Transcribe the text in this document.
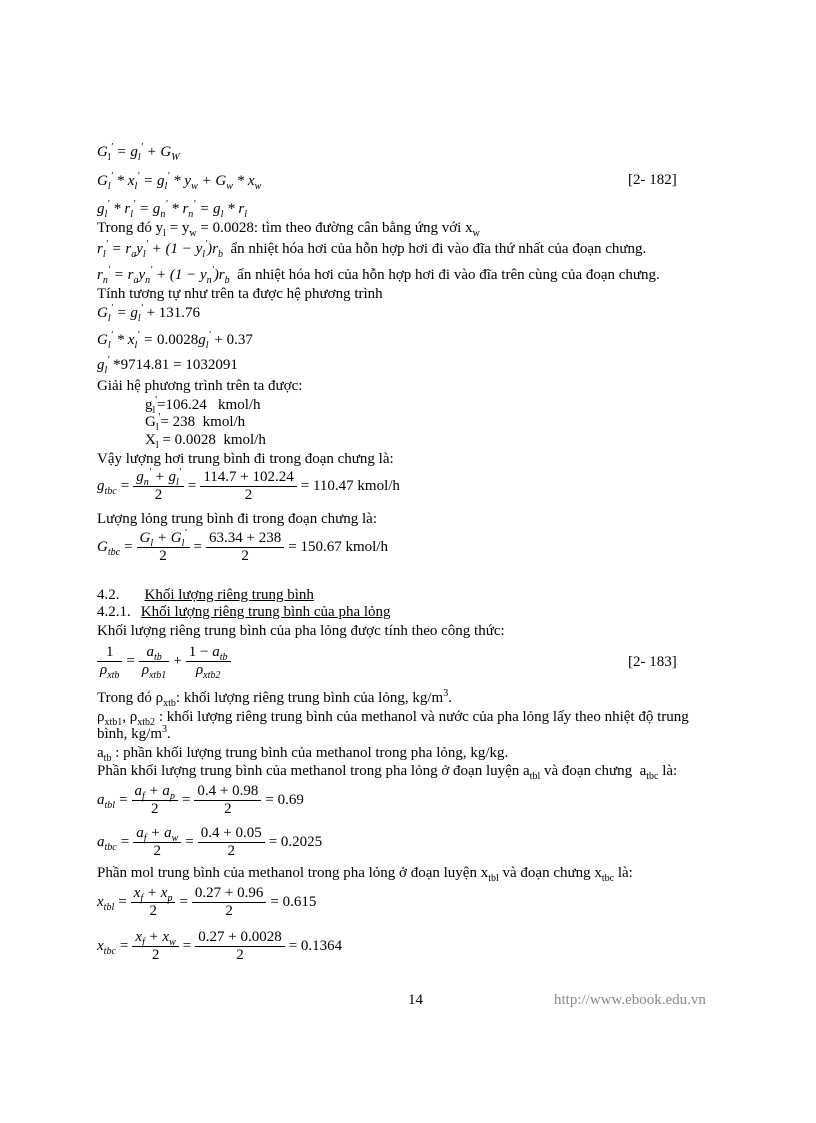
$G_l' = g_l' + G_W$
$G_l' * x_l' = g_l' * y_w + G_w * x_w$	[2- 182]
$g_l' * r_l' = g_n' * r_n' = g_l * r_l$
Trong đó $y_l = y_w = 0.0028$: tìm theo đường cân bằng ứng với $x_w$
$r_l' = r_ay_l' + (1 - y_l')r_b$ ẩn nhiệt hóa hơi của hỗn hợp hơi đi vào đĩa thứ nhất của đoạn chưng.
$r_n' = r_ay_n' + (1 - y_n')r_b$ ẩn nhiệt hóa hơi của hỗn hợp hơi đi vào đĩa trên cùng của đoạn chưng.
Tính tương tự như trên ta được hệ phương trình
$G_l' = g_l' + 131.76$
$G_l' * x_l' = 0.0028g_l' + 0.37$
$g_l'$ *9714.81 = 1032091
Giải hệ phương trình trên ta được:
$g_l'=106.24$   kmol/h
$G_l'= 238$  kmol/h
$X_l = 0.0028$  kmol/h
Vậy lượng hơi trung bình đi trong đoạn chưng là:
$g_{tbc} = \frac{g_n' + g_l'}{2} = \frac{114.7 + 102.24}{2} = 110.47$ kmol/h
Lượng lỏng trung bình đi trong đoạn chưng là:
$G_{tbc} = \frac{G_l + G_l'}{2} = \frac{63.34 + 238}{2} = 150.67$ kmol/h
4.2. Khối lượng riêng trung bình
4.2.1. Khối lượng riêng trung bình của pha lỏng
Khối lượng riêng trung bình của pha lỏng được tính theo công thức:
$\frac{1}{\rho_{xtb}} = \frac{a_{tb}}{\rho_{xtb1}} + \frac{1 - a_{tb}}{\rho_{xtb2}}$	[2- 183]
Trong đó $\rho_{xtb}$: khối lượng riêng trung bình của lỏng, $kg/m^3$.
$\rho_{xtb1}$, $\rho_{xtb2}$ : khối lượng riêng trung bình của methanol và nước của pha lỏng lấy theo nhiệt độ trung
bình, $kg/m^3$.
$a_{tb}$ : phần khối lượng trung bình của methanol trong pha lỏng, kg/kg.
Phần khối lượng trung bình của methanol trong pha lỏng ở đoạn luyện $a_{tbl}$ và đoạn chưng  $a_{tbc}$ là:
$a_{tbl} = \frac{a_f + a_p}{2} = \frac{0.4 + 0.98}{2} = 0.69$
$a_{tbc} = \frac{a_f + a_w}{2} = \frac{0.4 + 0.05}{2} = 0.2025$
Phần mol trung bình của methanol trong pha lỏng ở đoạn luyện $x_{tbl}$ và đoạn chưng $x_{tbc}$ là:
$x_{tbl} = \frac{x_f + x_p}{2} = \frac{0.27 + 0.96}{2} = 0.615$
$x_{tbc} = \frac{x_f + x_w}{2} = \frac{0.27 + 0.0028}{2} = 0.1364$
14	http://www.ebook.edu.vn
